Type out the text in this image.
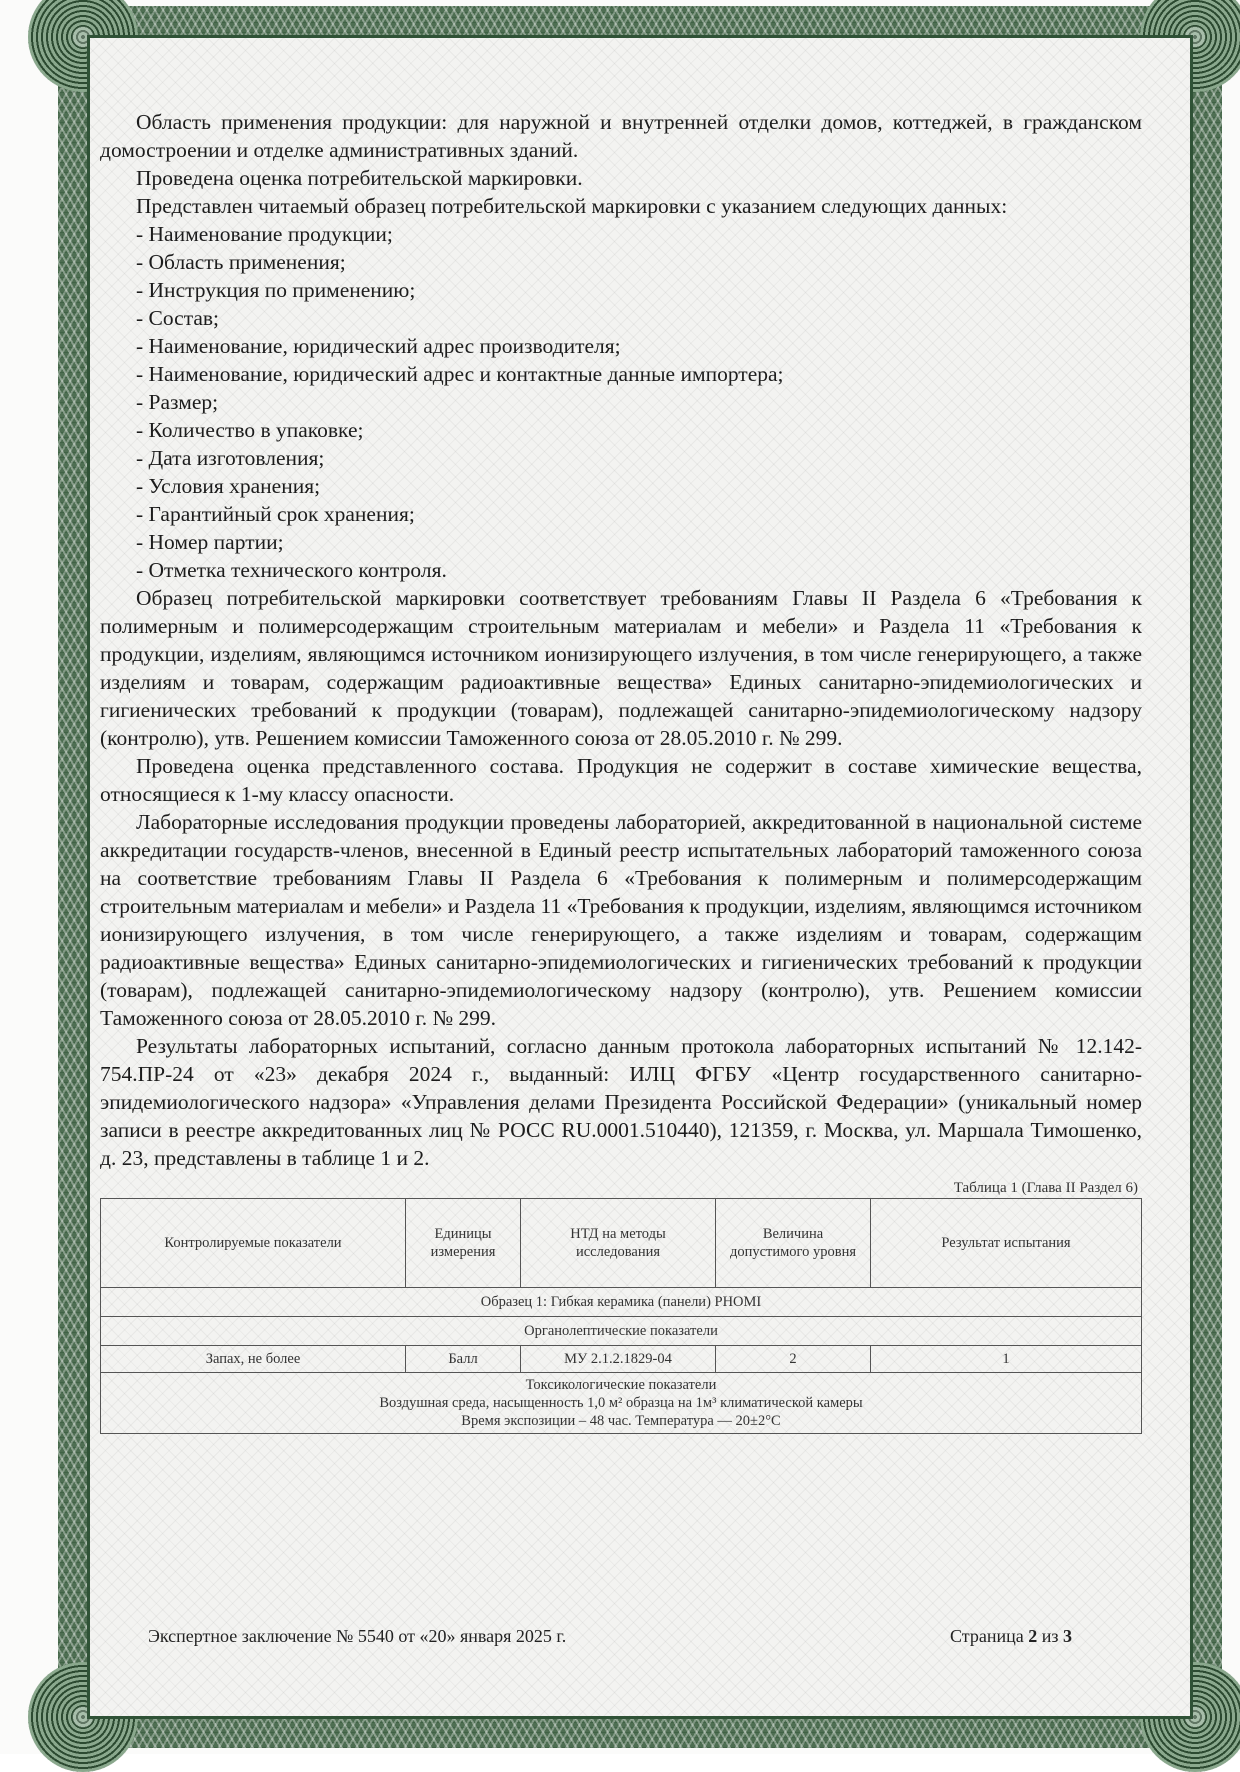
Область применения продукции: для наружной и внутренней отделки домов, коттеджей, в гражданском домостроении и отделке административных зданий.

Проведена оценка потребительской маркировки.

Представлен читаемый образец потребительской маркировки с указанием следующих данных:

- Наименование продукции;

- Область применения;

- Инструкция по применению;

- Состав;

- Наименование, юридический адрес производителя;

- Наименование, юридический адрес и контактные данные импортера;

- Размер;

- Количество в упаковке;

- Дата изготовления;

- Условия хранения;

- Гарантийный срок хранения;

- Номер партии;

- Отметка технического контроля.

Образец потребительской маркировки соответствует требованиям Главы II Раздела 6 «Требования к полимерным и полимерсодержащим строительным материалам и мебели» и Раздела 11 «Требования к продукции, изделиям, являющимся источником ионизирующего излучения, в том числе генерирующего, а также изделиям и товарам, содержащим радиоактивные вещества» Единых санитарно-эпидемиологических и гигиенических требований к продукции (товарам), подлежащей санитарно-эпидемиологическому надзору (контролю), утв. Решением комиссии Таможенного союза от 28.05.2010 г. № 299.

Проведена оценка представленного состава. Продукция не содержит в составе химические вещества, относящиеся к 1-му классу опасности.

Лабораторные исследования продукции проведены лабораторией, аккредитованной в национальной системе аккредитации государств-членов, внесенной в Единый реестр испытательных лабораторий таможенного союза на соответствие требованиям Главы II Раздела 6 «Требования к полимерным и полимерсодержащим строительным материалам и мебели» и Раздела 11 «Требования к продукции, изделиям, являющимся источником ионизирующего излучения, в том числе генерирующего, а также изделиям и товарам, содержащим радиоактивные вещества» Единых санитарно-эпидемиологических и гигиенических требований к продукции (товарам), подлежащей санитарно-эпидемиологическому надзору (контролю), утв. Решением комиссии Таможенного союза от 28.05.2010 г. № 299.

Результаты лабораторных испытаний, согласно данным протокола лабораторных испытаний № 12.142-754.ПР-24 от «23» декабря 2024 г., выданный: ИЛЦ ФГБУ «Центр государственного санитарно-эпидемиологического надзора» «Управления делами Президента Российской Федерации» (уникальный номер записи в реестре аккредитованных лиц № РОСС RU.0001.510440), 121359, г. Москва, ул. Маршала Тимошенко, д. 23, представлены в таблице 1 и 2.

Таблица 1 (Глава II Раздел 6)
Контролируемые показатели	Единицы измерения	НТД на методы исследования	Величина допустимого уровня	Результат испытания
Образец 1: Гибкая керамика (панели) PHOMI				
Органолептические показатели				
Запах, не более	Балл	МУ 2.1.2.1829-04	2	1

Токсикологические показатели
Воздушная среда, насыщенность 1,0 м² образца на 1м³ климатической камеры
Время экспозиции – 48 час. Температура — 20±2°С				
Экспертное заключение № 5540 от «20» января 2025 г.	Страница 2 из 3
